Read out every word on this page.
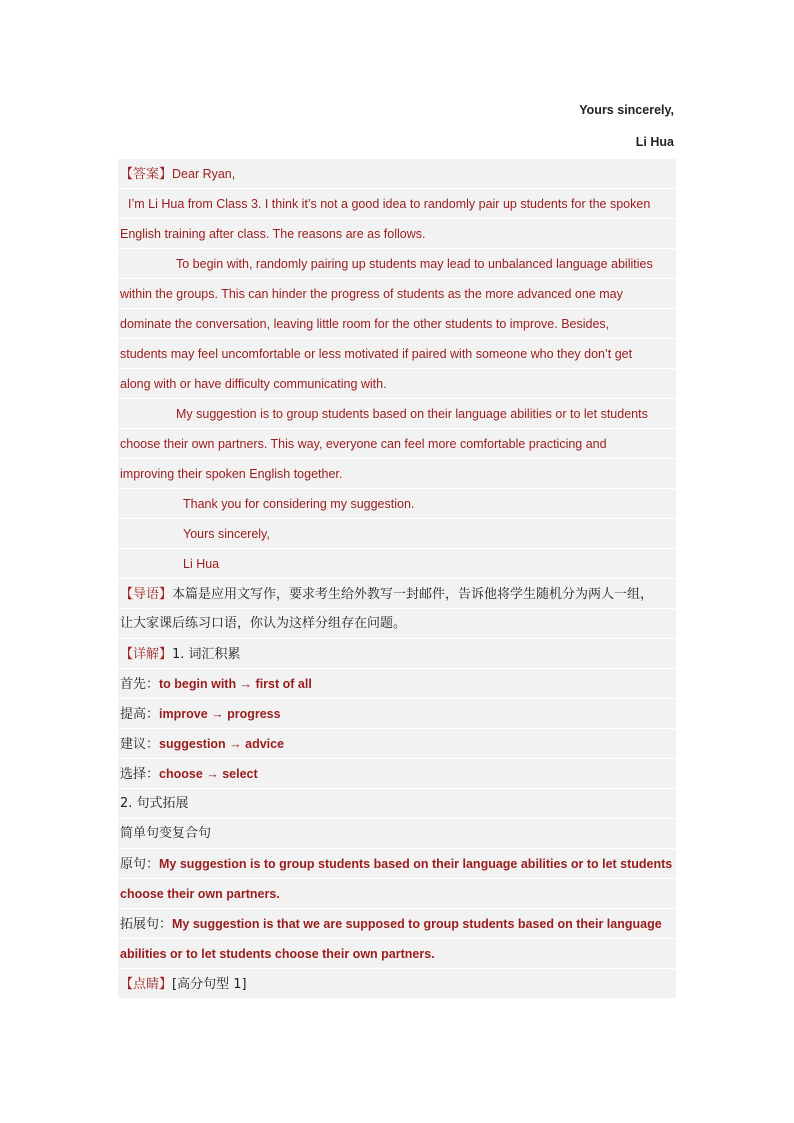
Yours sincerely,
Li Hua
【答案】Dear Ryan,
I’m Li Hua from Class 3. I think it’s not a good idea to randomly pair up students for the spoken
English training after class. The reasons are as follows.
To begin with, randomly pairing up students may lead to unbalanced language abilities
within the groups. This can hinder the progress of students as the more advanced one may
dominate the conversation, leaving little room for the other students to improve. Besides,
students may feel uncomfortable or less motivated if paired with someone who they don’t get
along with or have difficulty communicating with.
My suggestion is to group students based on their language abilities or to let students
choose their own partners. This way, everyone can feel more comfortable practicing and
improving their spoken English together.
Thank you for considering my suggestion.
Yours sincerely,
Li Hua
【导语】本篇是应用文写作，要求考生给外教写一封邮件，告诉他将学生随机分为两人一组，
让大家课后练习口语，你认为这样分组存在问题。
【详解】1. 词汇积累
首先：to begin with → first of all
提高：improve → progress
建议：suggestion → advice
选择：choose → select
2. 句式拓展
简单句变复合句
原句：My suggestion is to group students based on their language abilities or to let students
choose their own partners.
拓展句：My suggestion is that we are supposed to group students based on their language
abilities or to let students choose their own partners.
【点睛】[高分句型 1]
